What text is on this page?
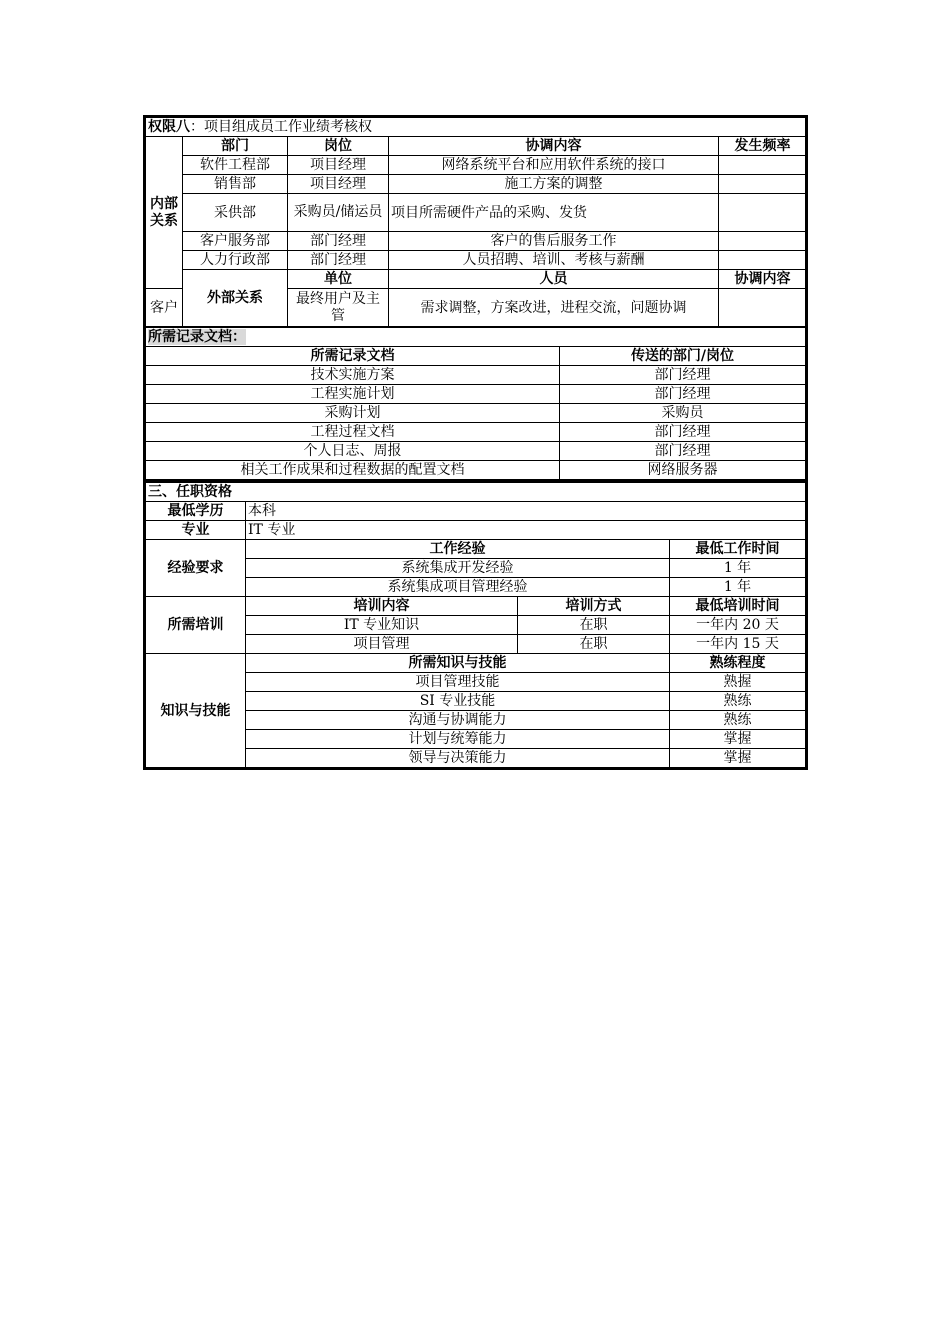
权限八：项目组成员工作业绩考核权					
内部关系	部门	岗位	协调内容	发生频率	
	软件工程部	项目经理	网络系统平台和应用软件系统的接口		
	销售部	项目经理	施工方案的调整		
	采供部	采购员/储运员	项目所需硬件产品的采购、发货		
	客户服务部	部门经理	客户的售后服务工作		
	人力行政部	部门经理	人员招聘、培训、考核与薪酬		
	外部关系	单位	人员	协调内容	
客户		最终用户及主管	需求调整，方案改进，进程交流，问题协调		
所需记录文档：	
所需记录文档	传送的部门/岗位
技术实施方案	部门经理
工程实施计划	部门经理
采购计划	采购员
工程过程文档	部门经理
个人日志、周报	部门经理
相关工作成果和过程数据的配置文档	网络服务器
三、任职资格			
最低学历	本科		
专业	IT 专业		
经验要求	工作经验		最低工作时间
	系统集成开发经验		1 年
	系统集成项目管理经验		1 年
所需培训	培训内容	培训方式	最低培训时间
	IT 专业知识	在职	一年内 20 天
	项目管理	在职	一年内 15 天
知识与技能	所需知识与技能		熟练程度
	项目管理技能		熟握
	SI 专业技能		熟练
	沟通与协调能力		熟练
	计划与统筹能力		掌握
	领导与决策能力		掌握
